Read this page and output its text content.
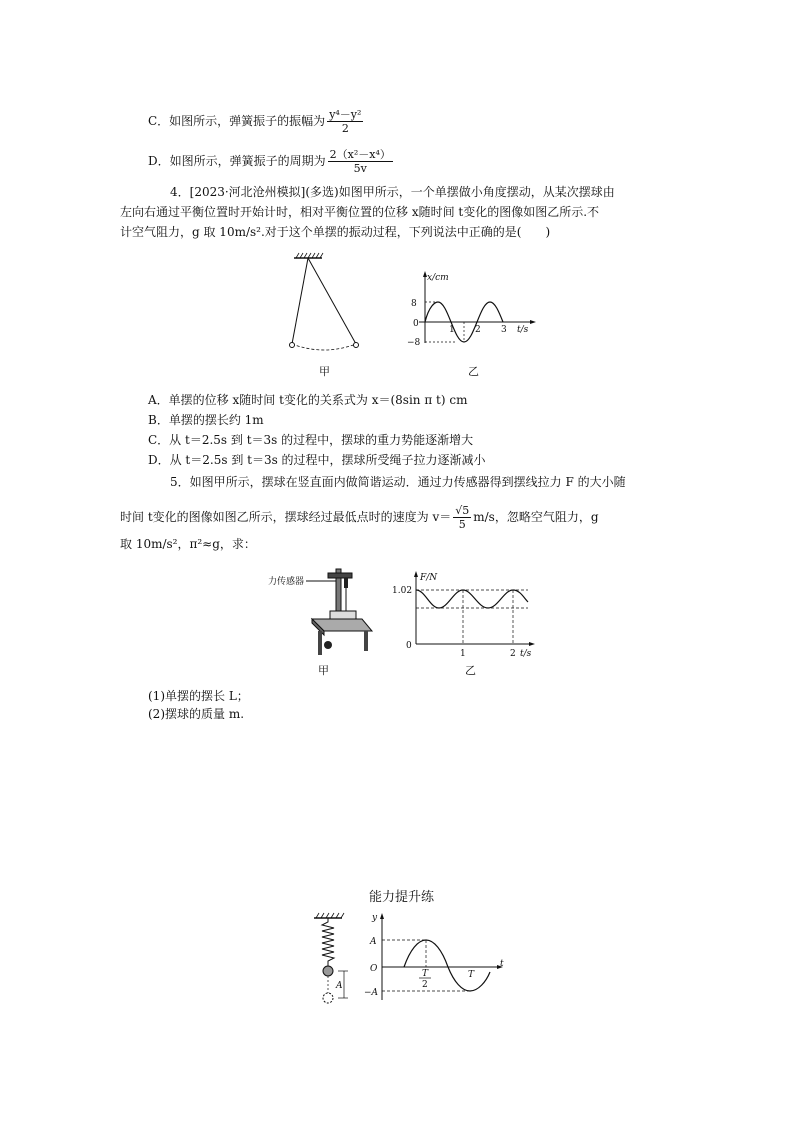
C．如图所示，弹簧振子的振幅为 $\frac{\text{y⁴－y²}}{2}$
D．如图所示，弹簧振子的周期为 $\frac{\text{2（x²－x⁴）}}{5v}$
4．[2023·河北沧州模拟](多选)如图甲所示，一个单摆做小角度摆动，从某次摆球由
左向右通过平衡位置时开始计时，相对平衡位置的位移 x随时间 t变化的图像如图乙所示.不
计空气阻力，g 取 10m/s².对于这个单摆的振动过程，下列说法中正确的是(　　)
甲
x/cm
t/s
8
0
−8
1 2 3
乙
A．单摆的位移 x随时间 t变化的关系式为 x＝(8sin π t) cm
B．单摆的摆长约 1m
C．从 t＝2.5s 到 t＝3s 的过程中，摆球的重力势能逐渐增大
D．从 t＝2.5s 到 t＝3s 的过程中，摆球所受绳子拉力逐渐减小
5．如图甲所示，摆球在竖直面内做简谐运动．通过力传感器得到摆线拉力 F 的大小随
时间 t变化的图像如图乙所示，摆球经过最低点时的速度为 $v= \frac{√5}{5} m/s$，忽略空气阻力，g
取 10m/s²，π²≈g，求：
力传感器
甲
F/N
t/s
1.02
0
1	2
乙
(1)单摆的摆长 L；
(2)摆球的质量 m.
能力提升练
A
y
t
A
O
−A
T
2
T
